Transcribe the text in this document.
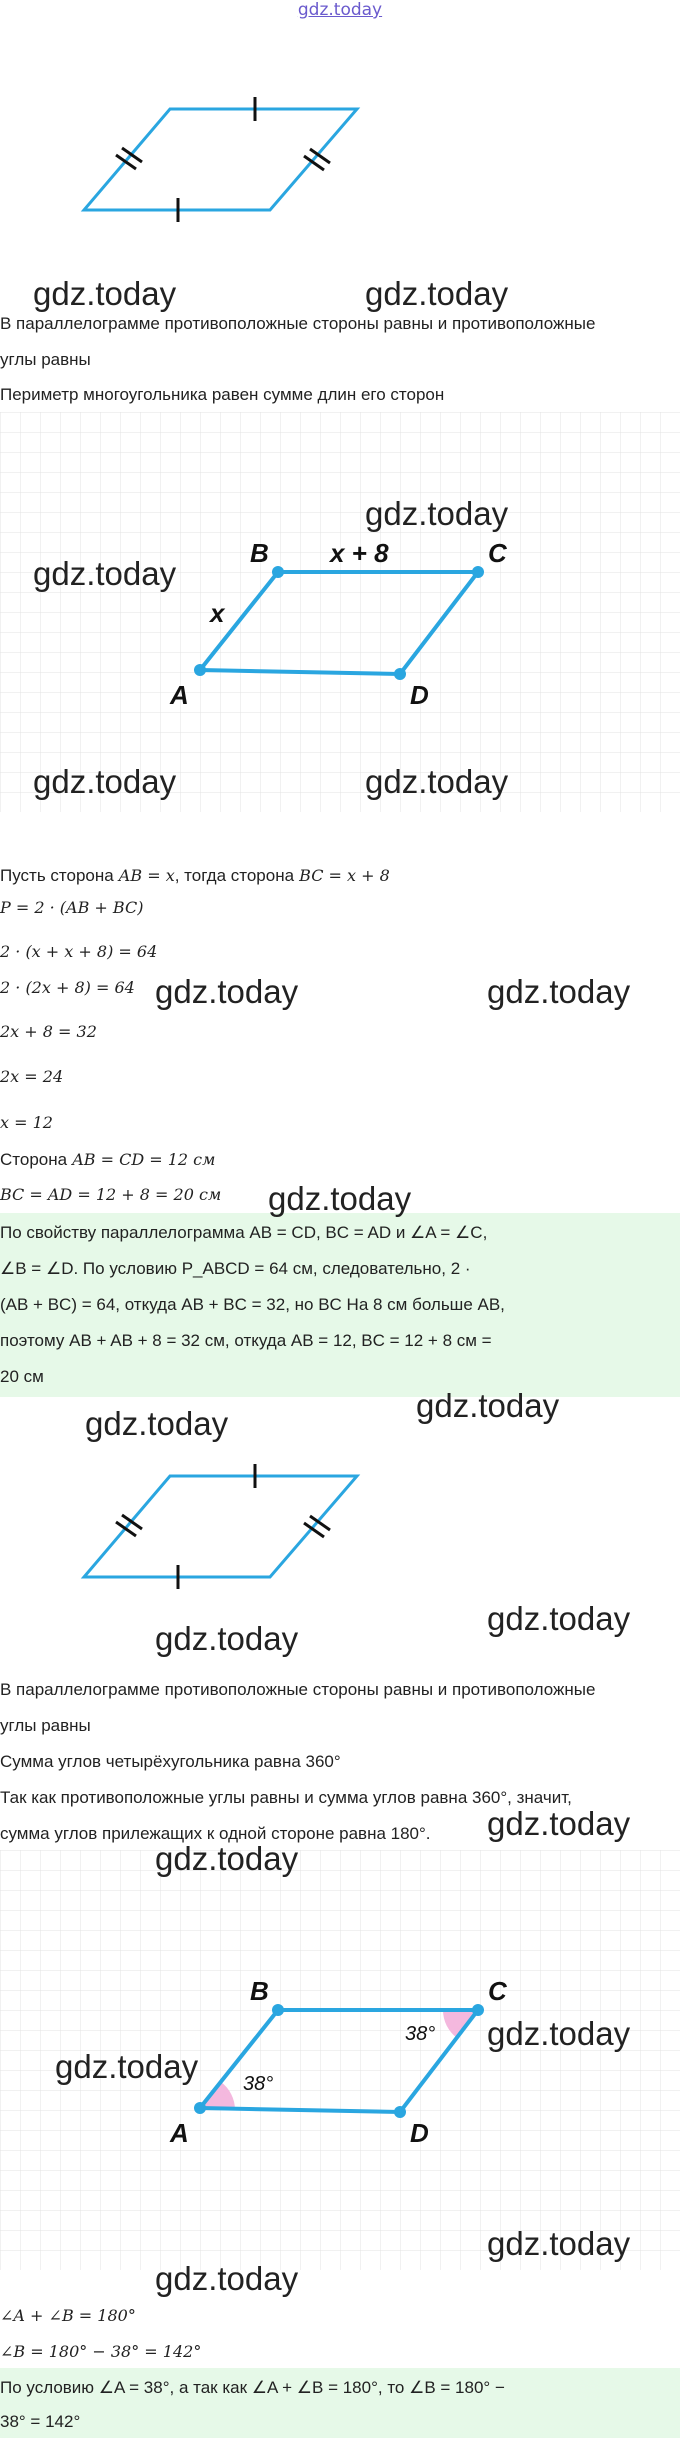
gdz.today
gdz.today	gdz.today
В параллелограмме противоположные стороны равны и противоположные
углы равны
Периметр многоугольника равен сумме длин его сторон
B	C
D
A
x + 8
x
gdz.today
gdz.today
gdz.today	gdz.today
Пусть сторона AB = x, тогда сторона BC = x + 8
P = 2 · (AB + BC)
2 · (x + x + 8) = 64
2 · (2x + 8) = 64 gdz.today	gdz.today
2x + 8 = 32
2x = 24
x = 12
Сторона AB = CD = 12 см
BC = AD = 12 + 8 = 20 см gdz.today
По свойству параллелограмма AB = CD, BC = AD и ∠A = ∠C,
∠B = ∠D. По условию P_ABCD = 64 см, следовательно, 2 ·
(AB + BC) = 64, откуда AB + BC = 32, но BC На 8 см больше AB,
поэтому AB + AB + 8 = 32 см, откуда AB = 12, BC = 12 + 8 см =
20 см
gdz.today	gdz.today
gdz.today
gdz.today
В параллелограмме противоположные стороны равны и противоположные
углы равны
Сумма углов четырёхугольника равна 360°
Так как противоположные углы равны и сумма углов равна 360°, значит,
сумма углов прилежащих к одной стороне равна 180°. gdz.today
B	C
D
A
38°
38°
gdz.today
gdz.today
gdz.today
gdz.today
gdz.today
∠A + ∠B = 180°
∠B = 180° − 38° = 142°
По условию ∠A = 38°, а так как ∠A + ∠B = 180°, то ∠B = 180° −
38° = 142°
